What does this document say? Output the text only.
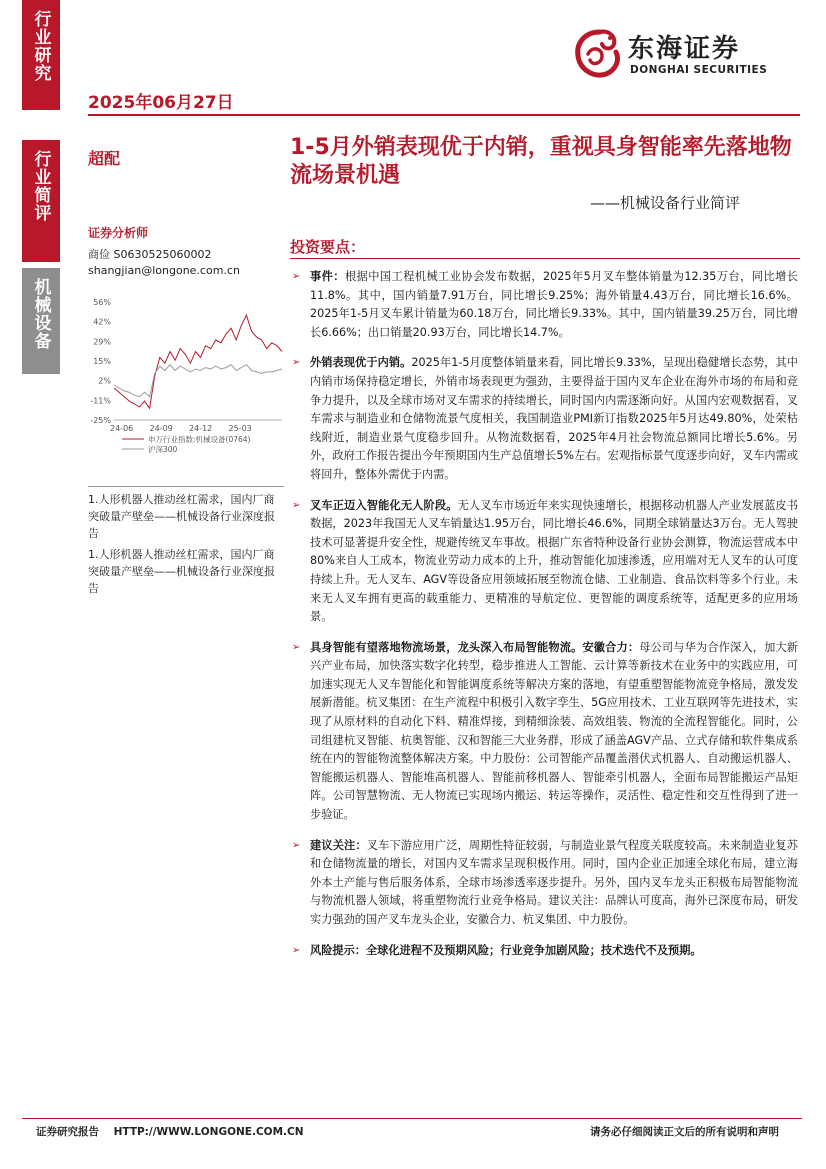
行业研究
行业简评
机械设备
东海证券
DONGHAI SECURITIES
2025年06月27日
超配	1-5月外销表现优于内销，重视具身智能率先落地物流场景机遇
——机械设备行业简评
证券分析师
商俭 S0630525060002
shangjian@longone.com.cn
56%
42%
29%
15%
2%
-11%
-25%
24-06 24-09 24-12 25-03
申万行业指数:机械设备(0764)
沪深300
1.人形机器人推动丝杠需求，国内厂商突破量产壁垒——机械设备行业深度报告
1.人形机器人推动丝杠需求，国内厂商突破量产壁垒——机械设备行业深度报告
投资要点：
➢ 事件：根据中国工程机械工业协会发布数据，2025年5月叉车整体销量为12.35万台，同比增长11.8%。其中，国内销量7.91万台，同比增长9.25%；海外销量4.43万台，同比增长16.6%。2025年1-5月叉车累计销量为60.18万台，同比增长9.33%。其中，国内销量39.25万台，同比增长6.66%；出口销量20.93万台，同比增长14.7%。
➢ 外销表现优于内销。2025年1-5月度整体销量来看，同比增长9.33%，呈现出稳健增长态势，其中内销市场保持稳定增长，外销市场表现更为强劲，主要得益于国内叉车企业在海外市场的布局和竞争力提升，以及全球市场对叉车需求的持续增长，同时国内内需逐渐向好。从国内宏观数据看，叉车需求与制造业和仓储物流景气度相关，我国制造业PMI新订指数2025年5月达49.80%，处荣枯线附近，制造业景气度稳步回升。从物流数据看，2025年4月社会物流总额同比增长5.6%。另外，政府工作报告提出今年预期国内生产总值增长5%左右。宏观指标景气度逐步向好，叉车内需或将回升，整体外需优于内需。
➢ 叉车正迈入智能化无人阶段。无人叉车市场近年来实现快速增长，根据移动机器人产业发展蓝皮书数据，2023年我国无人叉车销量达1.95万台，同比增长46.6%，同期全球销量达3万台。无人驾驶技术可显著提升安全性，规避传统叉车事故。根据广东省特种设备行业协会测算，物流运营成本中80%来自人工成本，物流业劳动力成本的上升，推动智能化加速渗透，应用端对无人叉车的认可度持续上升。无人叉车、AGV等设备应用领域拓展至物流仓储、工业制造、食品饮料等多个行业。未来无人叉车拥有更高的载重能力、更精准的导航定位、更智能的调度系统等，适配更多的应用场景。
➢ 具身智能有望落地物流场景，龙头深入布局智能物流。安徽合力：母公司与华为合作深入，加大新兴产业布局，加快落实数字化转型，稳步推进人工智能、云计算等新技术在业务中的实践应用，可加速实现无人叉车智能化和智能调度系统等解决方案的落地，有望重塑智能物流竞争格局，激发发展新潜能。杭叉集团：在生产流程中积极引入数字孪生、5G应用技术、工业互联网等先进技术，实现了从原材料的自动化下料、精准焊接，到精细涂装、高效组装、物流的全流程智能化。同时，公司组建杭叉智能、杭奥智能、汉和智能三大业务群，形成了涵盖AGV产品、立式存储和软件集成系统在内的智能物流整体解决方案。中力股份：公司智能产品覆盖潜伏式机器人、自动搬运机器人、智能搬运机器人、智能堆高机器人、智能前移机器人、智能牵引机器人，全面布局智能搬运产品矩阵。公司智慧物流、无人物流已实现场内搬运、转运等操作，灵活性、稳定性和交互性得到了进一步验证。
➢ 建议关注：叉车下游应用广泛，周期性特征较弱，与制造业景气程度关联度较高。未来制造业复苏和仓储物流量的增长，对国内叉车需求呈现积极作用。同时，国内企业正加速全球化布局，建立海外本土产能与售后服务体系，全球市场渗透率逐步提升。另外，国内叉车龙头正积极布局智能物流与物流机器人领域，将重塑物流行业竞争格局。建议关注：品牌认可度高，海外已深度布局，研发实力强劲的国产叉车龙头企业，安徽合力、杭叉集团、中力股份。
➢ 风险提示：全球化进程不及预期风险；行业竞争加剧风险；技术迭代不及预期。
证券研究报告    HTTP://WWW.LONGONE.COM.CN	请务必仔细阅读正文后的所有说明和声明
